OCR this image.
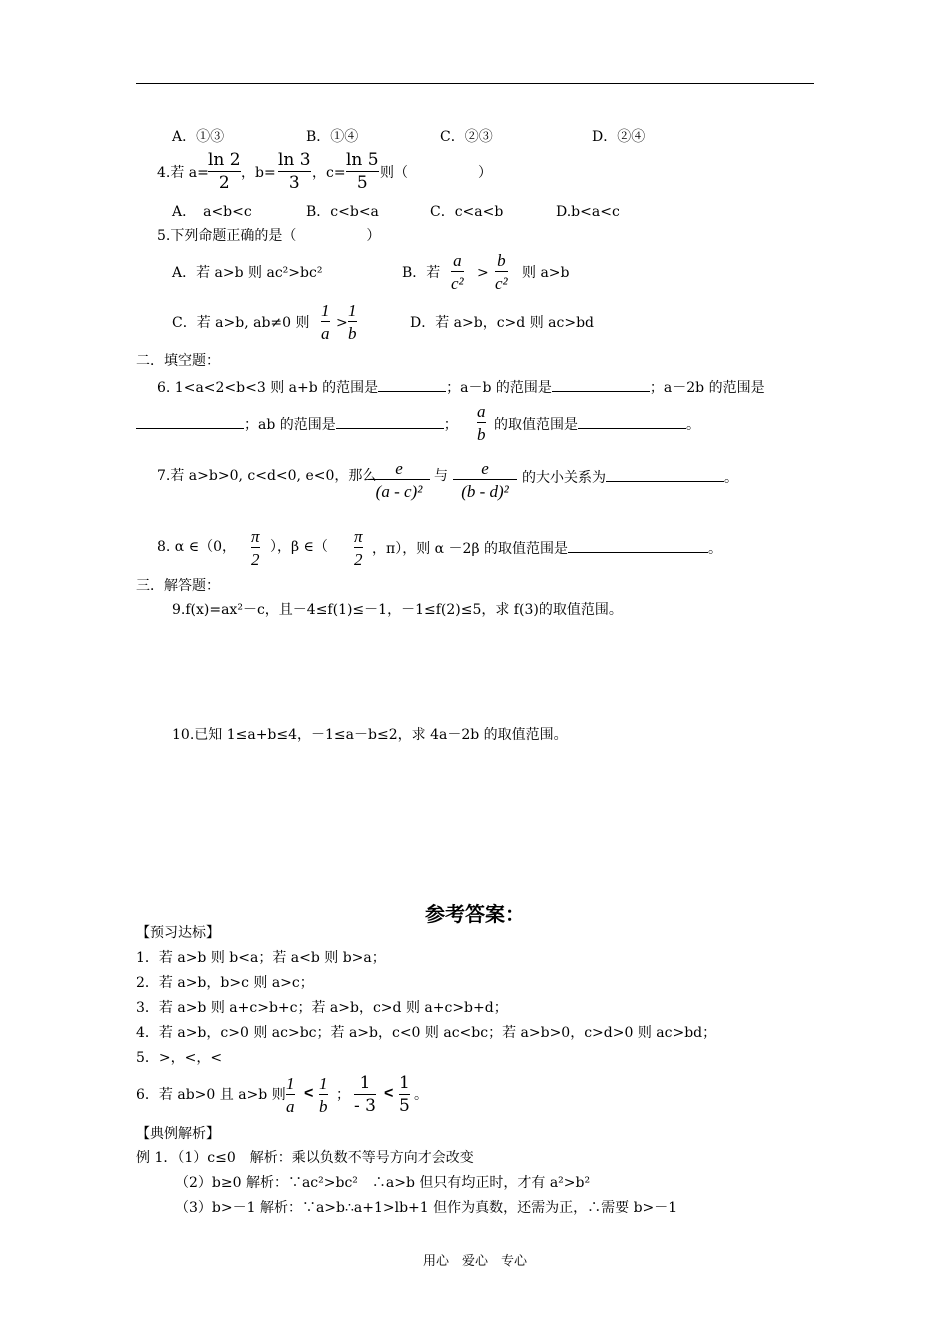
A．①③	B．①④	C．②③	D．②④
4.若 a=
ln 2
2 ，b=
ln 3
3 ，c=
ln 5
5 则（　　　　　）
A．　a<b<c	B．c<b<a	C．c<a<b	D.b<a<c
5.下列命题正确的是（　　　　　）
A．若 a>b 则 ac²>bc²	B．若
a
c²
>
b
c²
则 a>b
C．若 a>b, ab≠0 则
1
a
>
1
b
D．若 a>b，c>d 则 ac>bd
二．填空题：
6. 1<a<2<b<3 则 a+b 的范围是	；a－b 的范围是	；a－2b 的范围是
；ab 的范围是	；
a
b 的取值范围是	。
7.若 a>b>0, c<d<0, e<0，那么 e
(a - c)²
与 e
(b - d)²
的大小关系为	。
8. α ∈（0，
π
2
），β ∈（
π
2
，π），则 α －2β 的取值范围是	。
三．解答题：
9.f(x)=ax²－c，且－4≤f(1)≤－1，－1≤f(2)≤5，求 f(3)的取值范围。
10.已知 1≤a+b≤4，－1≤a－b≤2，求 4a－2b 的取值范围。
参考答案：
【预习达标】
1．若 a>b 则 b<a；若 a<b 则 b>a；
2．若 a>b，b>c 则 a>c；
3．若 a>b 则 a+c>b+c；若 a>b，c>d 则 a+c>b+d；
4．若 a>b，c>0 则 ac>bc；若 a>b，c<0 则 ac<bc；若 a>b>0，c>d>0 则 ac>bd；
5．>，<，<
6．若 ab>0 且 a>b 则
1
a
<
1
b
；
1
- 3
<
1
5
。
【典例解析】
例 1．（1）c≤0　解析：乘以负数不等号方向才会改变
（2）b≥0 解析：∵ac²>bc²　∴a>b 但只有均正时，才有 a²>b²
（3）b>－1 解析：∵a>b∴a+1>lb+1 但作为真数，还需为正，∴需要 b>－1
用心　爱心　专心
